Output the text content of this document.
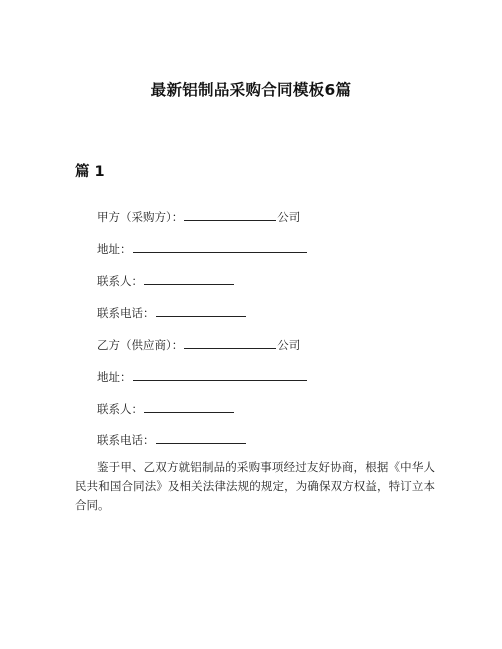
最新铝制品采购合同模板6篇
篇 1
甲方（采购方）：	公司
地址：
联系人：
联系电话：
乙方（供应商）：	公司
地址：
联系人：
联系电话：
鉴于甲、乙双方就铝制品的采购事项经过友好协商，根据《中华人民共和国合同法》及相关法律法规的规定，为确保双方权益，特订立本合同。
